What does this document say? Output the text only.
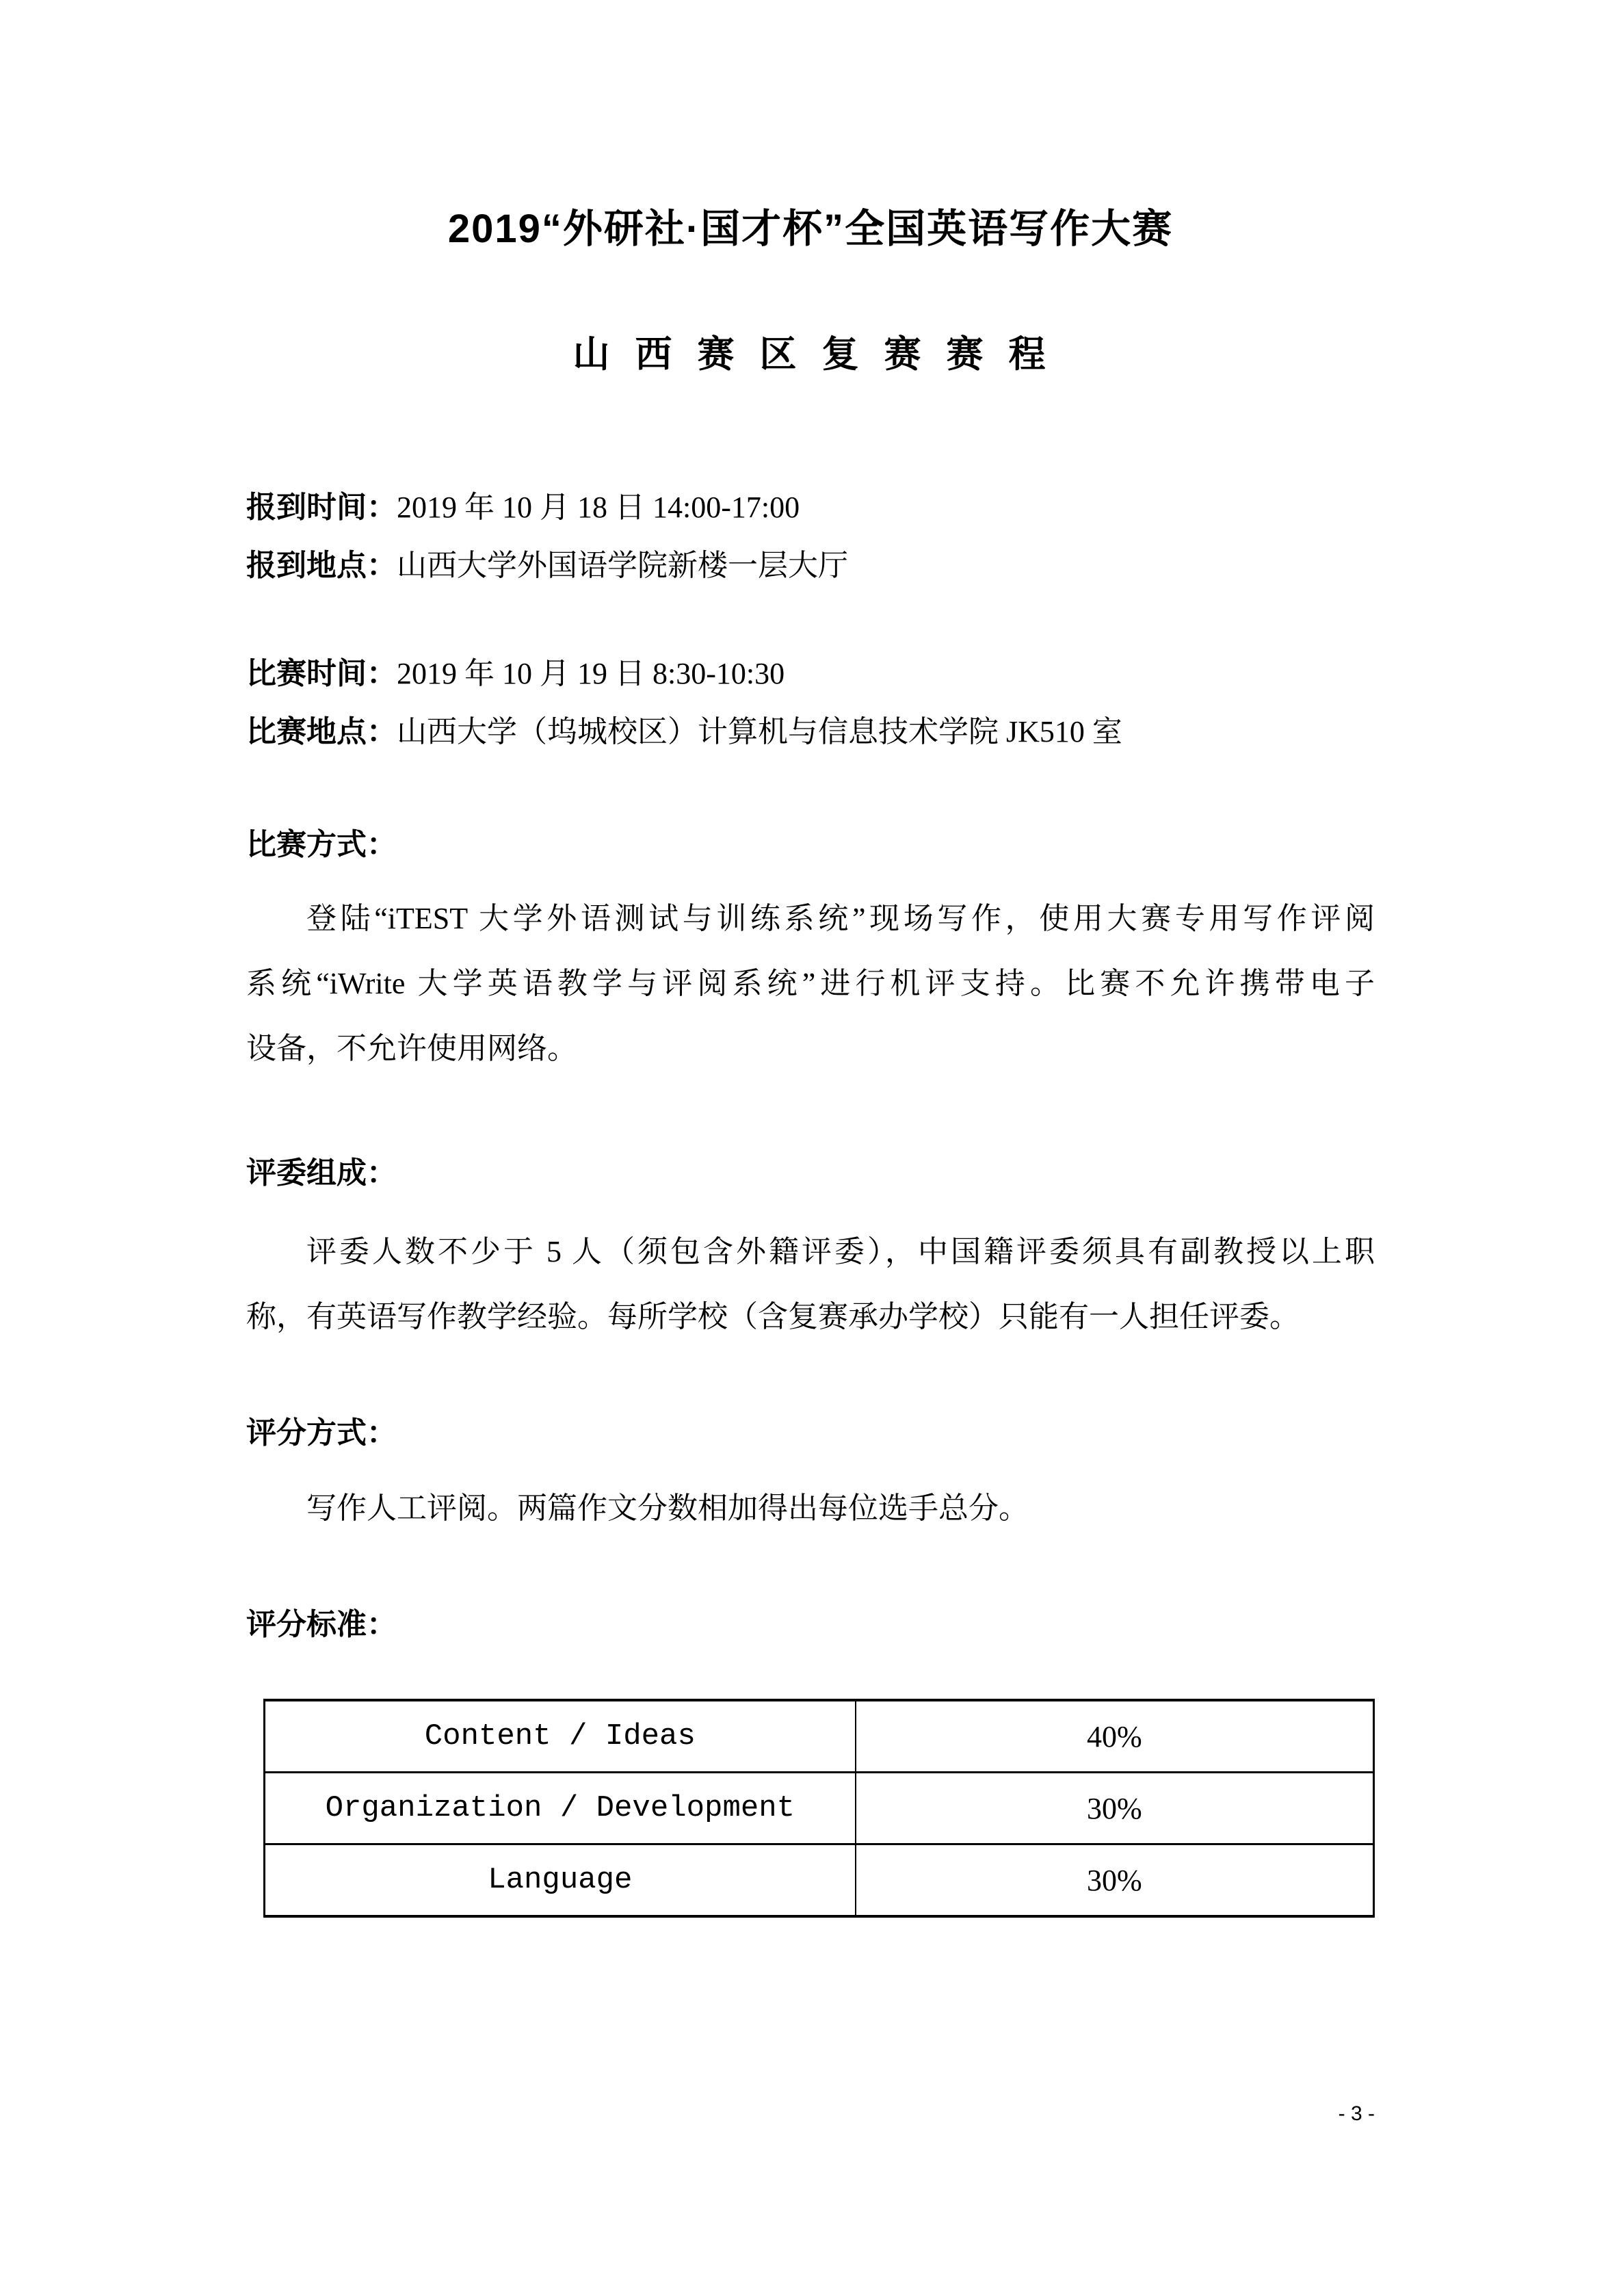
2019“外研社·国才杯”全国英语写作大赛
山 西 赛 区 复 赛 赛 程
报到时间：2019 年 10 月 18 日 14:00-17:00
报到地点：山西大学外国语学院新楼一层大厅
比赛时间：2019 年 10 月 19 日 8:30-10:30
比赛地点：山西大学（坞城校区）计算机与信息技术学院 JK510 室
比赛方式：
登陆“iTEST 大学外语测试与训练系统”现场写作，使用大赛专用写作评阅
系统“iWrite 大学英语教学与评阅系统”进行机评支持。比赛不允许携带电子
设备，不允许使用网络。
评委组成：
评委人数不少于 5 人（须包含外籍评委），中国籍评委须具有副教授以上职
称，有英语写作教学经验。每所学校（含复赛承办学校）只能有一人担任评委。
评分方式：
写作人工评阅。两篇作文分数相加得出每位选手总分。
评分标准：
Content / Ideas	40%
Organization / Development	30%
Language	30%
- 3 -
